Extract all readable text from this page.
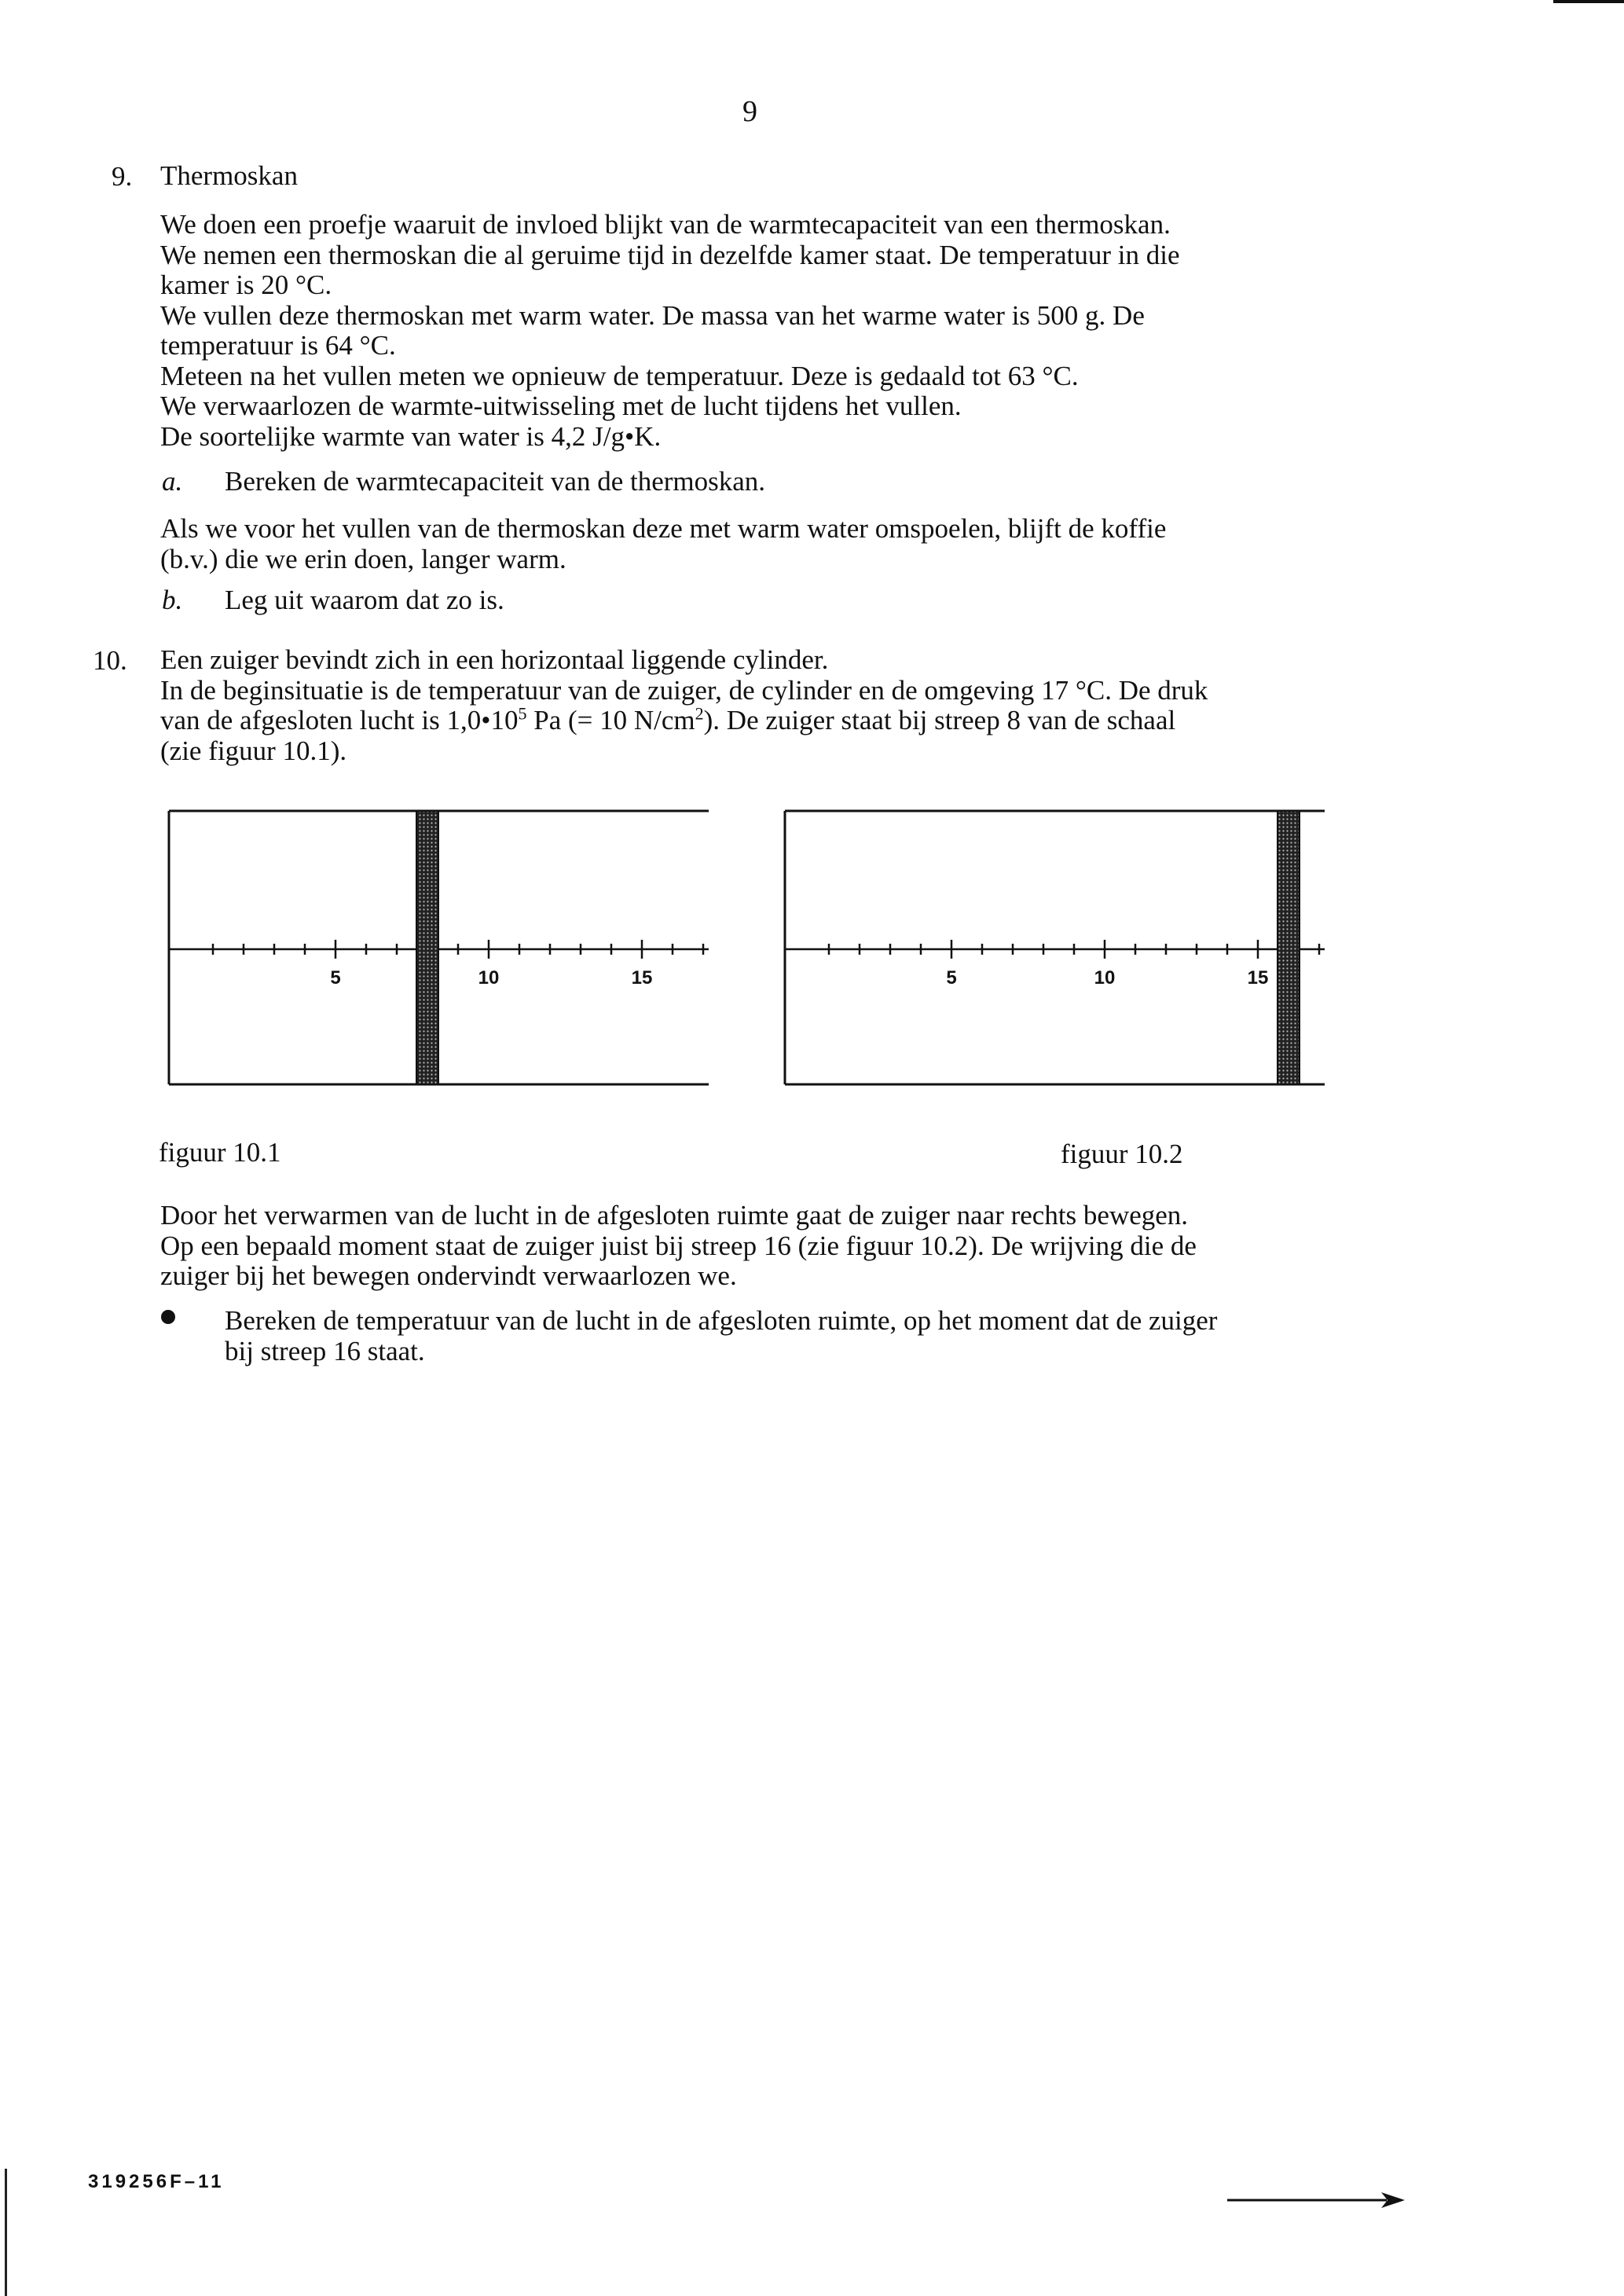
9
9. Thermoskan
We doen een proefje waaruit de invloed blijkt van de warmtecapaciteit van een thermoskan.
We nemen een thermoskan die al geruime tijd in dezelfde kamer staat. De temperatuur in die
kamer is 20 °C.
We vullen deze thermoskan met warm water. De massa van het warme water is 500 g. De
temperatuur is 64 °C.
Meteen na het vullen meten we opnieuw de temperatuur. Deze is gedaald tot 63 °C.
We verwaarlozen de warmte-uitwisseling met de lucht tijdens het vullen.
De soortelijke warmte van water is 4,2 J/g•K.
a. Bereken de warmtecapaciteit van de thermoskan.
Als we voor het vullen van de thermoskan deze met warm water omspoelen, blijft de koffie
(b.v.) die we erin doen, langer warm.
b. Leg uit waarom dat zo is.
10. Een zuiger bevindt zich in een horizontaal liggende cylinder.
In de beginsituatie is de temperatuur van de zuiger, de cylinder en de omgeving 17 °C. De druk
van de afgesloten lucht is $1,0•10^5$ Pa (= 10 $N/cm^2$). De zuiger staat bij streep 8 van de schaal
(zie figuur 10.1).
5	10	15	5	10	15
figuur 10.1	figuur 10.2
Door het verwarmen van de lucht in de afgesloten ruimte gaat de zuiger naar rechts bewegen.
Op een bepaald moment staat de zuiger juist bij streep 16 (zie figuur 10.2). De wrijving die de
zuiger bij het bewegen ondervindt verwaarlozen we.
Bereken de temperatuur van de lucht in de afgesloten ruimte, op het moment dat de zuiger
bij streep 16 staat.
319256F–11
